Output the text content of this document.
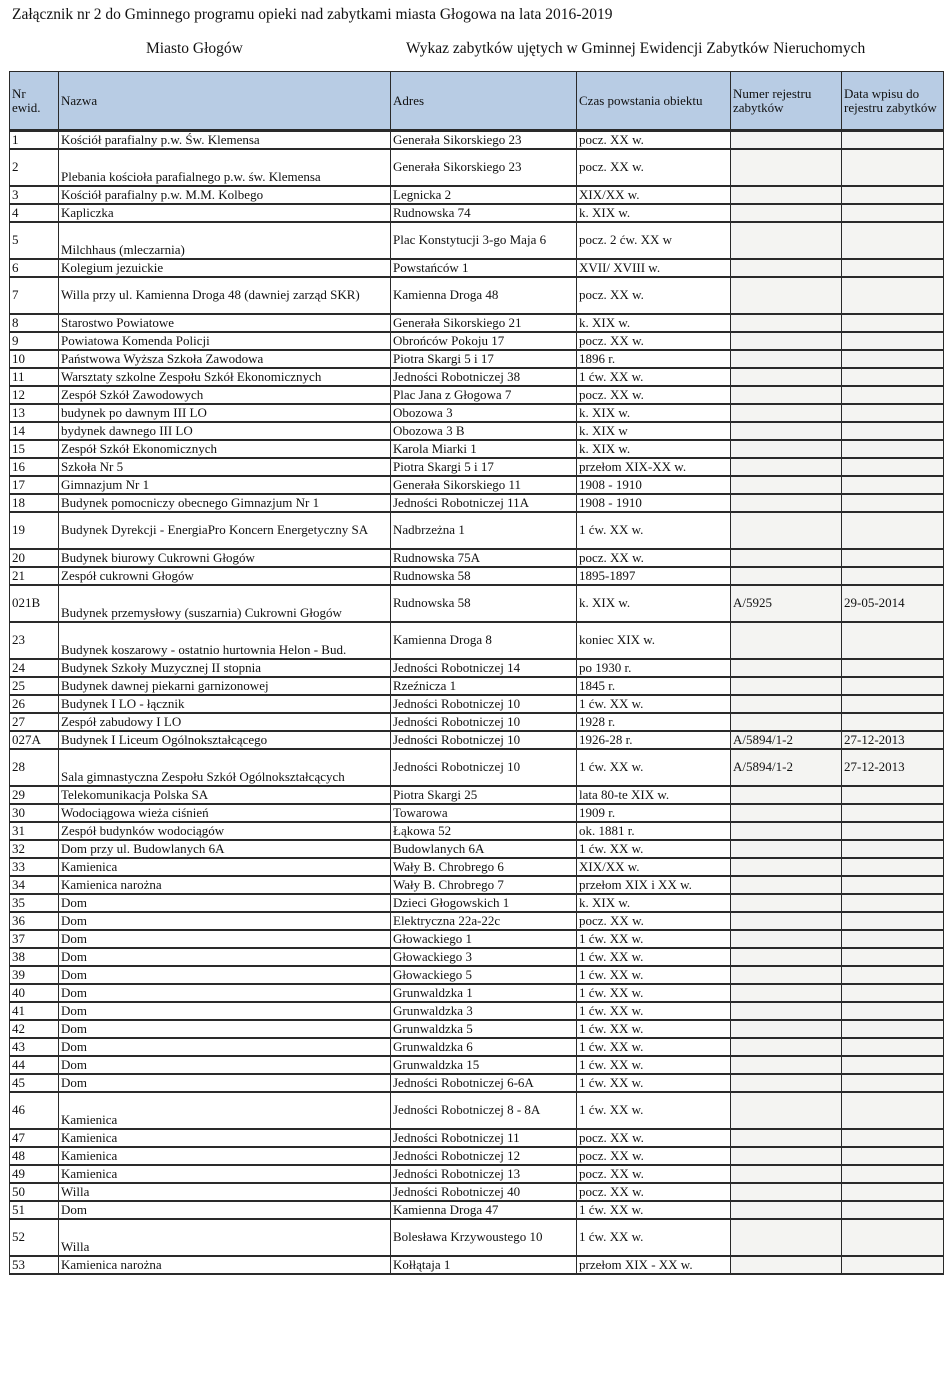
Załącznik nr 2 do Gminnego programu opieki nad zabytkami miasta Głogowa na lata 2016-2019
Miasto Głogów	Wykaz zabytków ujętych w Gminnej Ewidencji Zabytków Nieruchomych
Nr ewid.	Nazwa	Adres	Czas powstania obiektu	Numer rejestru zabytków	Data wpisu do rejestru zabytków
1	Kościół parafialny p.w. Św. Klemensa	Generała Sikorskiego 23	pocz. XX w.		
2	Plebania kościoła parafialnego p.w. św. Klemensa	Generała Sikorskiego 23	pocz. XX w.		
3	Kościół parafialny p.w. M.M. Kolbego	Legnicka 2	XIX/XX w.		
4	Kapliczka	Rudnowska 74	k. XIX w.		
5	Milchhaus (mleczarnia)	Plac Konstytucji 3-go Maja 6	pocz. 2 ćw. XX w		
6	Kolegium jezuickie	Powstańców 1	XVII/ XVIII w.		
7	Willa przy ul. Kamienna Droga 48 (dawniej zarząd SKR)	Kamienna Droga 48	pocz. XX w.		
8	Starostwo Powiatowe	Generała Sikorskiego 21	k. XIX w.		
9	Powiatowa Komenda Policji	Obrońców Pokoju 17	pocz. XX w.		
10	Państwowa Wyższa Szkoła Zawodowa	Piotra Skargi 5 i 17	1896 r.		
11	Warsztaty szkolne Zespołu Szkół Ekonomicznych	Jedności Robotniczej 38	1 ćw. XX w.		
12	Zespół Szkół Zawodowych	Plac Jana z Głogowa 7	pocz. XX w.		
13	budynek po dawnym III LO	Obozowa 3	k. XIX w.		
14	bydynek dawnego III LO	Obozowa 3 B	k. XIX w		
15	Zespół Szkół Ekonomicznych	Karola Miarki 1	k. XIX w.		
16	Szkoła Nr 5	Piotra Skargi 5 i 17	przełom XIX-XX w.		
17	Gimnazjum Nr 1	Generała Sikorskiego 11	1908 - 1910		
18	Budynek pomocniczy obecnego Gimnazjum Nr 1	Jedności Robotniczej 11A	1908 - 1910		
19	Budynek Dyrekcji - EnergiaPro Koncern Energetyczny SA	Nadbrzeżna 1	1 ćw. XX w.		
20	Budynek biurowy Cukrowni Głogów	Rudnowska 75A	pocz. XX w.		
21	Zespół cukrowni Głogów	Rudnowska 58	1895-1897		
021B	Budynek przemysłowy (suszarnia) Cukrowni Głogów	Rudnowska 58	k. XIX w.	A/5925	29-05-2014
23	Budynek koszarowy - ostatnio hurtownia Helon - Bud.	Kamienna Droga 8	koniec XIX w.		
24	Budynek Szkoły Muzycznej II stopnia	Jedności Robotniczej 14	po 1930 r.		
25	Budynek dawnej piekarni garnizonowej	Rzeźnicza 1	1845 r.		
26	Budynek I LO - łącznik	Jedności Robotniczej 10	1 ćw. XX w.		
27	Zespół zabudowy I LO	Jedności Robotniczej 10	1928 r.		
027A	Budynek I Liceum Ogólnokształcącego	Jedności Robotniczej 10	1926-28 r.	A/5894/1-2	27-12-2013
28	Sala gimnastyczna Zespołu Szkół Ogólnokształcących	Jedności Robotniczej 10	1 ćw. XX w.	A/5894/1-2	27-12-2013
29	Telekomunikacja Polska SA	Piotra Skargi 25	lata 80-te XIX w.		
30	Wodociągowa wieża ciśnień	Towarowa	1909 r.		
31	Zespół budynków wodociągów	Łąkowa 52	ok. 1881 r.		
32	Dom przy ul. Budowlanych 6A	Budowlanych 6A	1 ćw. XX w.		
33	Kamienica	Wały B. Chrobrego 6	XIX/XX w.		
34	Kamienica narożna	Wały B. Chrobrego 7	przełom XIX i XX w.		
35	Dom	Dzieci Głogowskich 1	k. XIX w.		
36	Dom	Elektryczna 22a-22c	pocz. XX w.		
37	Dom	Głowackiego 1	1 ćw. XX w.		
38	Dom	Głowackiego 3	1 ćw. XX w.		
39	Dom	Głowackiego 5	1 ćw. XX w.		
40	Dom	Grunwaldzka 1	1 ćw. XX w.		
41	Dom	Grunwaldzka 3	1 ćw. XX w.		
42	Dom	Grunwaldzka 5	1 ćw. XX w.		
43	Dom	Grunwaldzka 6	1 ćw. XX w.		
44	Dom	Grunwaldzka 15	1 ćw. XX w.		
45	Dom	Jedności Robotniczej 6-6A	1 ćw. XX w.		
46	Kamienica	Jedności Robotniczej 8 - 8A	1 ćw. XX w.		
47	Kamienica	Jedności Robotniczej 11	pocz. XX w.		
48	Kamienica	Jedności Robotniczej 12	pocz. XX w.		
49	Kamienica	Jedności Robotniczej 13	pocz. XX w.		
50	Willa	Jedności Robotniczej 40	pocz. XX w.		
51	Dom	Kamienna Droga 47	1 ćw. XX w.		
52	Willa	Bolesława Krzywoustego 10	1 ćw. XX w.		
53	Kamienica narożna	Kołłątaja 1	przełom XIX - XX w.		
